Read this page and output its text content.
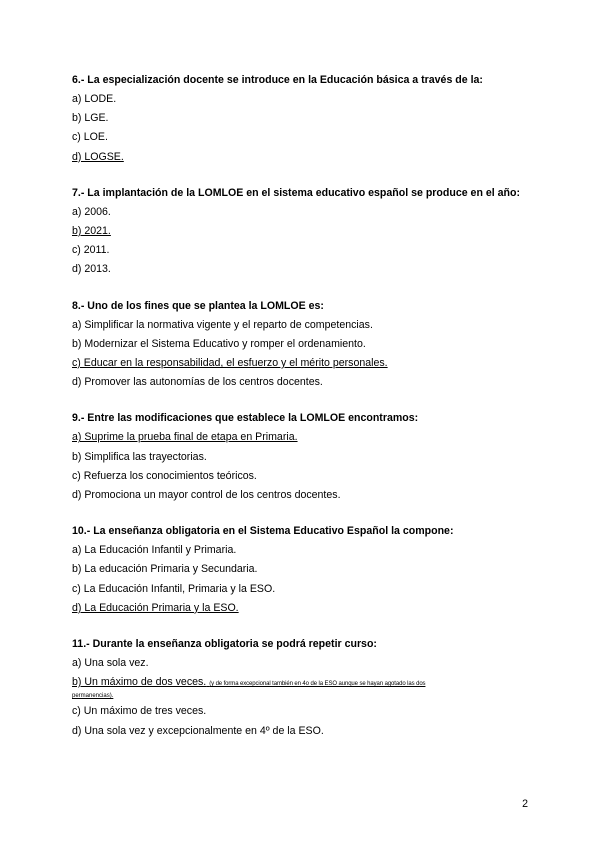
6.- La especialización docente se introduce en la Educación básica a través de la:

a) LODE.

b) LGE.

c) LOE.

d) LOGSE.

7.- La implantación de la LOMLOE en el sistema educativo español se produce en el año:

a) 2006.

b) 2021.

c) 2011.

d) 2013.

8.- Uno de los fines que se plantea la LOMLOE es:

a) Simplificar la normativa vigente y el reparto de competencias.

b) Modernizar el Sistema Educativo y romper el ordenamiento.

c) Educar en la responsabilidad, el esfuerzo y el mérito personales.

d) Promover las autonomías de los centros docentes.

9.- Entre las modificaciones que establece la LOMLOE encontramos:

a) Suprime la prueba final de etapa en Primaria.

b) Simplifica las trayectorias.

c) Refuerza los conocimientos teóricos.

d) Promociona un mayor control de los centros docentes.

10.- La enseñanza obligatoria en el Sistema Educativo Español la compone:

a) La Educación Infantil y Primaria.

b) La educación Primaria y Secundaria.

c) La Educación Infantil, Primaria y la ESO.

d) La Educación Primaria y la ESO.

11.- Durante la enseñanza obligatoria se podrá repetir curso:

a) Una sola vez.

b) Un máximo de dos veces. (y de forma excepcional también en 4o de la ESO aunque se hayan agotado las dos

permanencias).

c) Un máximo de tres veces.

d) Una sola vez y excepcionalmente en 4º de la ESO.

2
